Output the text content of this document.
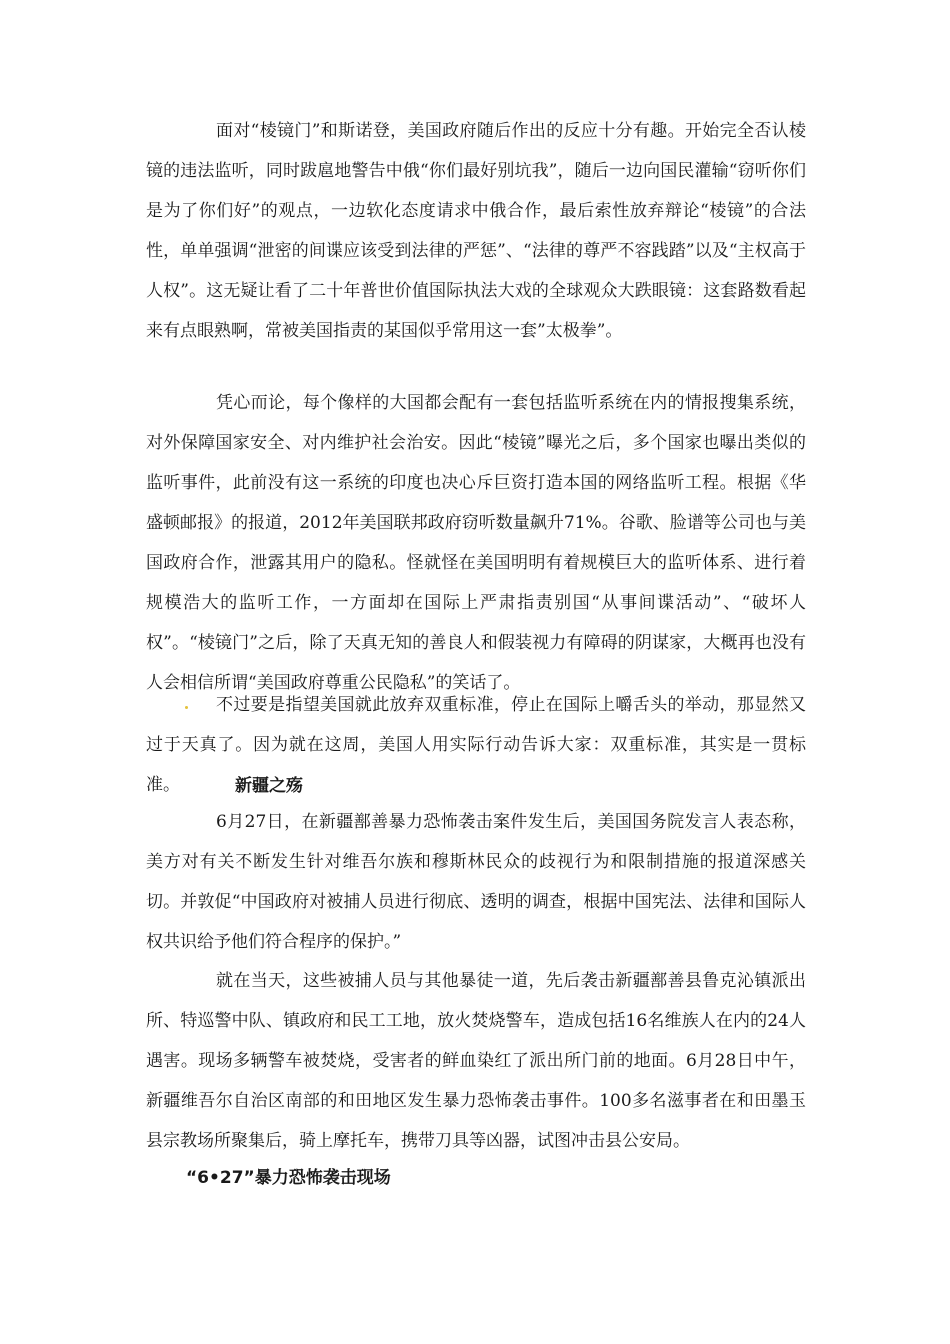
面对“棱镜门”和斯诺登，美国政府随后作出的反应十分有趣。开始完全否认棱镜的违法监听，同时跋扈地警告中俄“你们最好别坑我”，随后一边向国民灌输“窃听你们是为了你们好”的观点，一边软化态度请求中俄合作，最后索性放弃辩论“棱镜”的合法性，单单强调“泄密的间谍应该受到法律的严惩”、“法律的尊严不容践踏”以及“主权高于人权”。这无疑让看了二十年普世价值国际执法大戏的全球观众大跌眼镜：这套路数看起来有点眼熟啊，常被美国指责的某国似乎常用这一套”太极拳”。
凭心而论，每个像样的大国都会配有一套包括监听系统在内的情报搜集系统，对外保障国家安全、对内维护社会治安。因此“棱镜”曝光之后，多个国家也曝出类似的监听事件，此前没有这一系统的印度也决心斥巨资打造本国的网络监听工程。根据《华盛顿邮报》的报道，2012年美国联邦政府窃听数量飙升71%。谷歌、脸谱等公司也与美国政府合作，泄露其用户的隐私。怪就怪在美国明明有着规模巨大的监听体系、进行着规模浩大的监听工作，一方面却在国际上严肃指责别国“从事间谍活动”、“破坏人权”。“棱镜门”之后，除了天真无知的善良人和假装视力有障碍的阴谋家，大概再也没有人会相信所谓“美国政府尊重公民隐私”的笑话了。
不过要是指望美国就此放弃双重标准，停止在国际上嚼舌头的举动，那显然又过于天真了。因为就在这周，美国人用实际行动告诉大家：双重标准，其实是一贯标准。	新疆之殇
6月27日，在新疆鄯善暴力恐怖袭击案件发生后，美国国务院发言人表态称，美方对有关不断发生针对维吾尔族和穆斯林民众的歧视行为和限制措施的报道深感关切。并敦促“中国政府对被捕人员进行彻底、透明的调查，根据中国宪法、法律和国际人权共识给予他们符合程序的保护。”
就在当天，这些被捕人员与其他暴徒一道，先后袭击新疆鄯善县鲁克沁镇派出所、特巡警中队、镇政府和民工工地，放火焚烧警车，造成包括16名维族人在内的24人遇害。现场多辆警车被焚烧，受害者的鲜血染红了派出所门前的地面。6月28日中午，新疆维吾尔自治区南部的和田地区发生暴力恐怖袭击事件。100多名滋事者在和田墨玉县宗教场所聚集后，骑上摩托车，携带刀具等凶器，试图冲击县公安局。
“6•27”暴力恐怖袭击现场
